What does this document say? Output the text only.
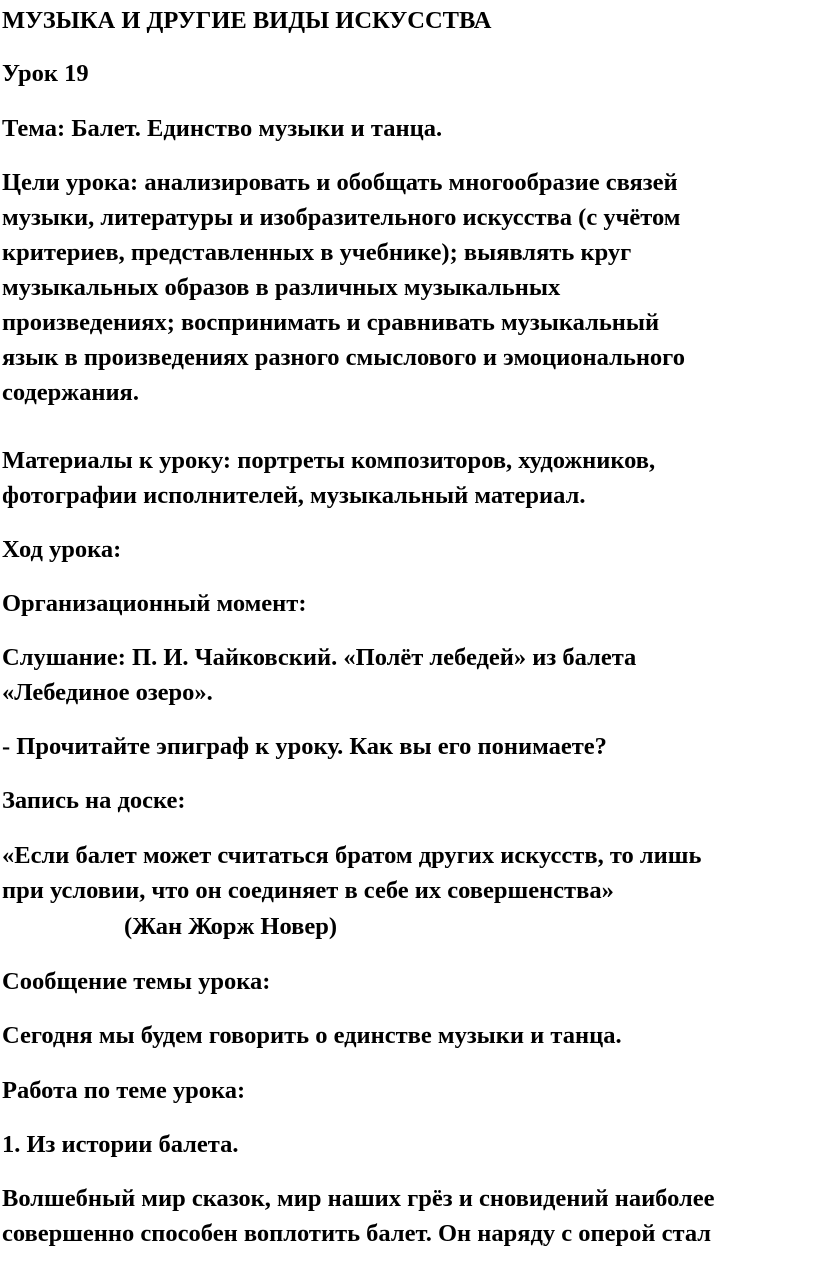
МУЗЫКА И ДРУГИЕ ВИДЫ ИСКУССТВА

Урок 19

Тема: Балет. Единство музыки и танца.

Цели урока: анализировать и обобщать многообразие связей
музыки, литературы и изобразительного искусства (с учётом
критериев, представленных в учебнике); выявлять круг
музыкальных образов в различных музыкальных
произведениях; воспринимать и сравнивать музыкальный
язык в произведениях разного смыслового и эмоционального
содержания.

Материалы к уроку: портреты композиторов, художников,
фотографии исполнителей, музыкальный материал.

Ход урока:

Организационный момент:

Слушание: П. И. Чайковский. «Полёт лебедей» из балета
«Лебединое озеро».

- Прочитайте эпиграф к уроку. Как вы его понимаете?

Запись на доске:

«Если балет может считаться братом других искусств, то лишь
при условии, что он соединяет в себе их совершенства»

(Жан Жорж Новер)

Сообщение темы урока:

Сегодня мы будем говорить о единстве музыки и танца.

Работа по теме урока:

1. Из истории балета.

Волшебный мир сказок, мир наших грёз и сновидений наиболее
совершенно способен воплотить балет. Он наряду с оперой стал
